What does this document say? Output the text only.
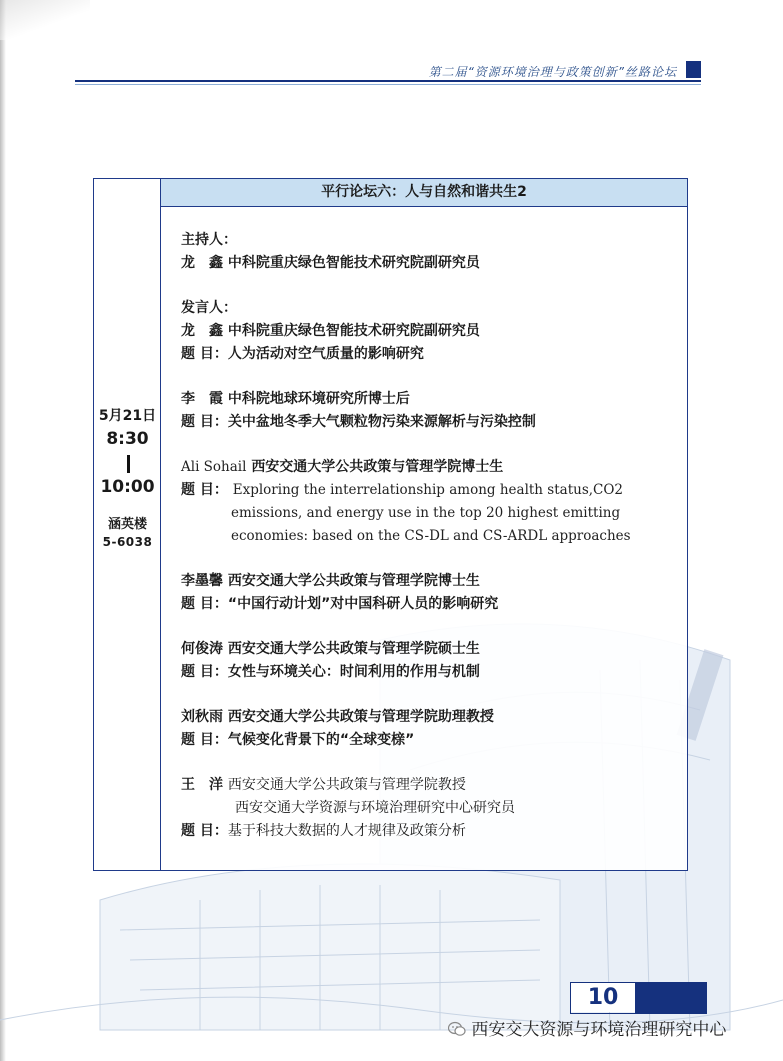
第二届“资源环境治理与政策创新”丝路论坛
5月21日
8:30
10:00
涵英楼
5-6038
平行论坛六：人与自然和谐共生2
主持人：
龙　鑫 中科院重庆绿色智能技术研究院副研究员
发言人：
龙　鑫 中科院重庆绿色智能技术研究院副研究员
题 目：人为活动对空气质量的影响研究
李　霞 中科院地球环境研究所博士后
题 目：关中盆地冬季大气颗粒物污染来源解析与污染控制
Ali Sohail 西安交通大学公共政策与管理学院博士生
题 目： Exploring the interrelationship among health status,CO2
emissions, and energy use in the top 20 highest emitting
economies: based on the CS-DL and CS-ARDL approaches
李墨馨 西安交通大学公共政策与管理学院博士生
题 目：“中国行动计划”对中国科研人员的影响研究
何俊涛 西安交通大学公共政策与管理学院硕士生
题 目：女性与环境关心：时间利用的作用与机制
刘秋雨 西安交通大学公共政策与管理学院助理教授
题 目：气候变化背景下的“全球变榇”
王　洋 西安交通大学公共政策与管理学院教授
西安交通大学资源与环境治理研究中心研究员
题 目：基于科技大数据的人才规律及政策分析
10
西安交大资源与环境治理研究中心
